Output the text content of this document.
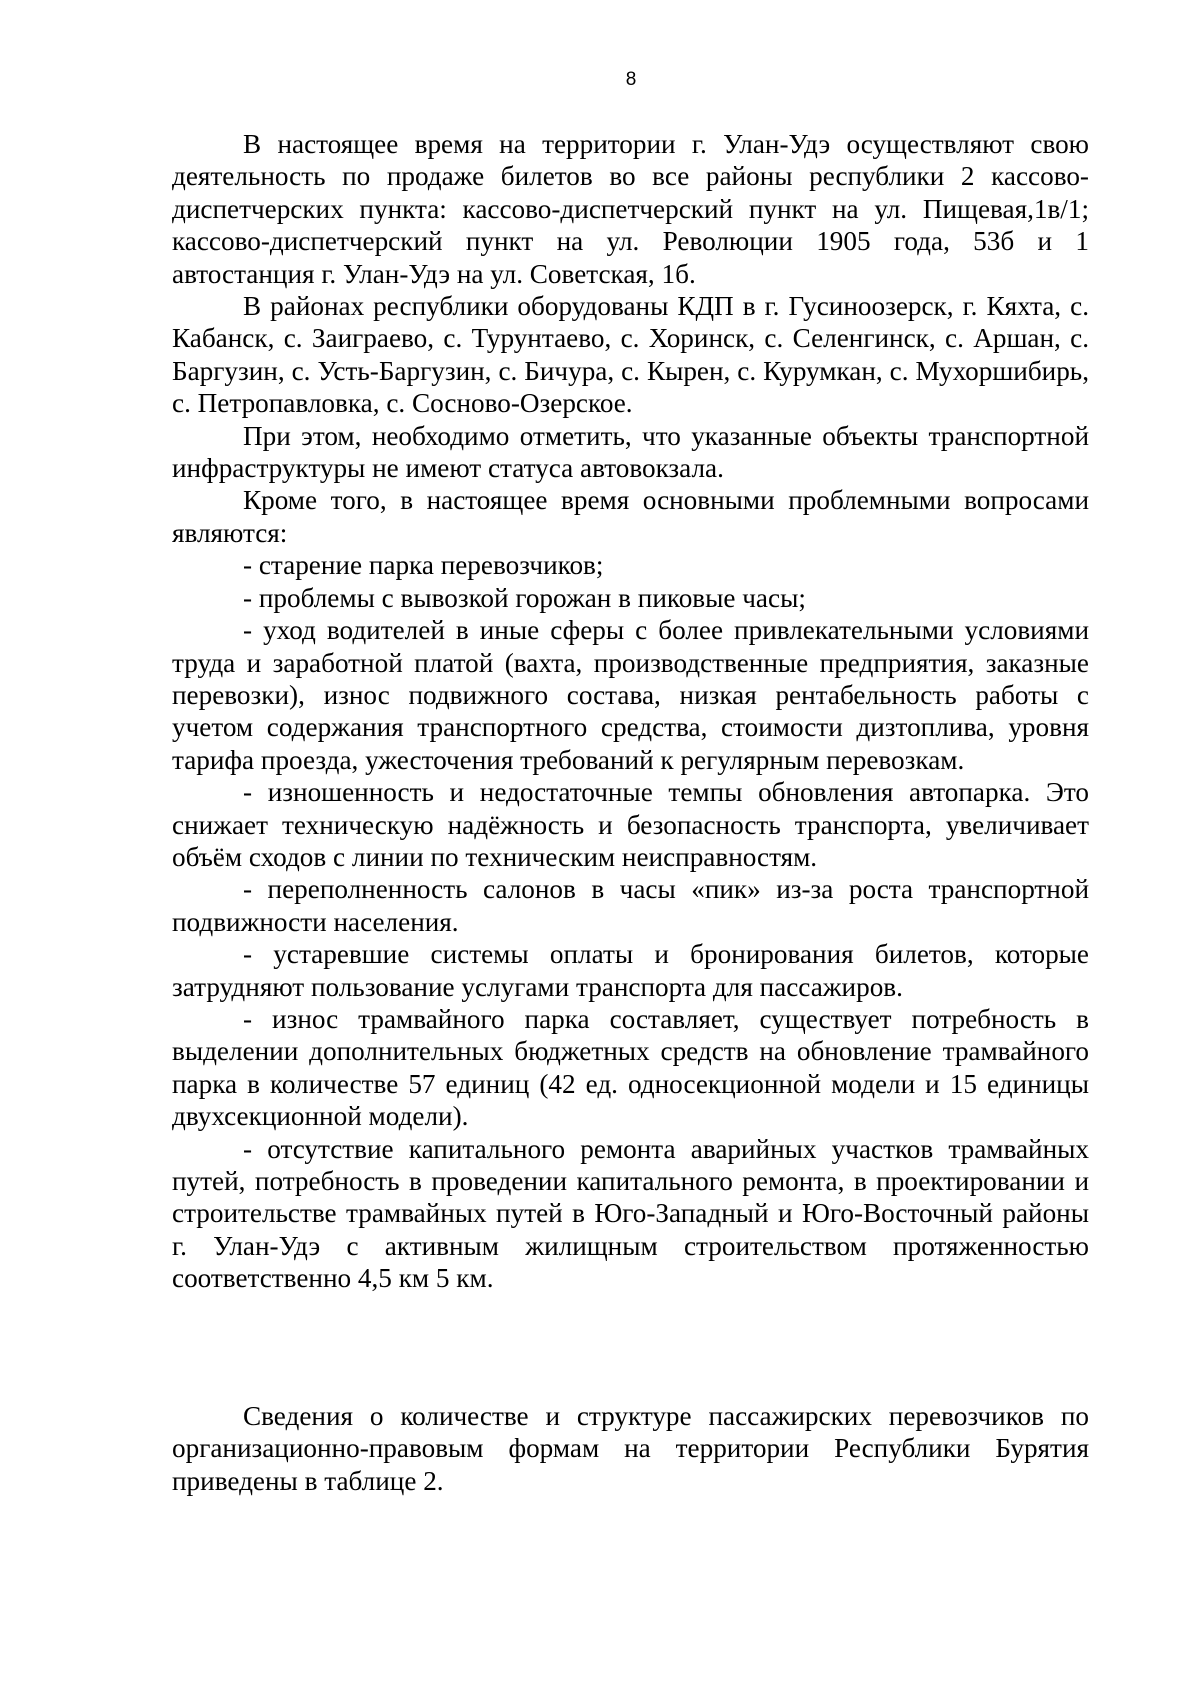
8

В настоящее время на территории г. Улан-Удэ осуществляют свою деятельность по продаже билетов во все районы республики 2 кассово-диспетчерских пункта: кассово-диспетчерский пункт на ул. Пищевая,1в/1; кассово-диспетчерский пункт на ул. Революции 1905 года, 53б и 1 автостанция г. Улан-Удэ на ул. Советская, 1б.

В районах республики оборудованы КДП в г. Гусиноозерск, г. Кяхта, с. Кабанск, с. Заиграево, с. Турунтаево, с. Хоринск, с. Селенгинск, с. Аршан, с. Баргузин, с. Усть-Баргузин, с. Бичура, с. Кырен, с. Курумкан, с. Мухоршибирь, с. Петропавловка, с. Сосново-Озерское.

При этом, необходимо отметить, что указанные объекты транспортной инфраструктуры не имеют статуса автовокзала.

Кроме того, в настоящее время основными проблемными вопросами являются:

- старение парка перевозчиков;

- проблемы с вывозкой горожан в пиковые часы;

- уход водителей в иные сферы с более привлекательными условиями труда и заработной платой (вахта, производственные предприятия, заказные перевозки), износ подвижного состава, низкая рентабельность работы с учетом содержания транспортного средства, стоимости дизтоплива, уровня тарифа проезда, ужесточения требований к регулярным перевозкам.

- изношенность и недостаточные темпы обновления автопарка. Это снижает техническую надёжность и безопасность транспорта, увеличивает объём сходов с линии по техническим неисправностям.

- переполненность салонов в часы «пик» из-за роста транспортной подвижности населения.

- устаревшие системы оплаты и бронирования билетов, которые затрудняют пользование услугами транспорта для пассажиров.

- износ трамвайного парка составляет, существует потребность в выделении дополнительных бюджетных средств на обновление трамвайного парка в количестве 57 единиц (42 ед. односекционной модели и 15 единицы двухсекционной модели).

- отсутствие капитального ремонта аварийных участков трамвайных путей, потребность в проведении капитального ремонта, в проектировании и строительстве трамвайных путей в Юго-Западный и Юго-Восточный районы г. Улан-Удэ с активным жилищным строительством протяженностью соответственно 4,5 км 5 км.

Сведения о количестве и структуре пассажирских перевозчиков по организационно-правовым формам на территории Республики Бурятия приведены в таблице 2.
